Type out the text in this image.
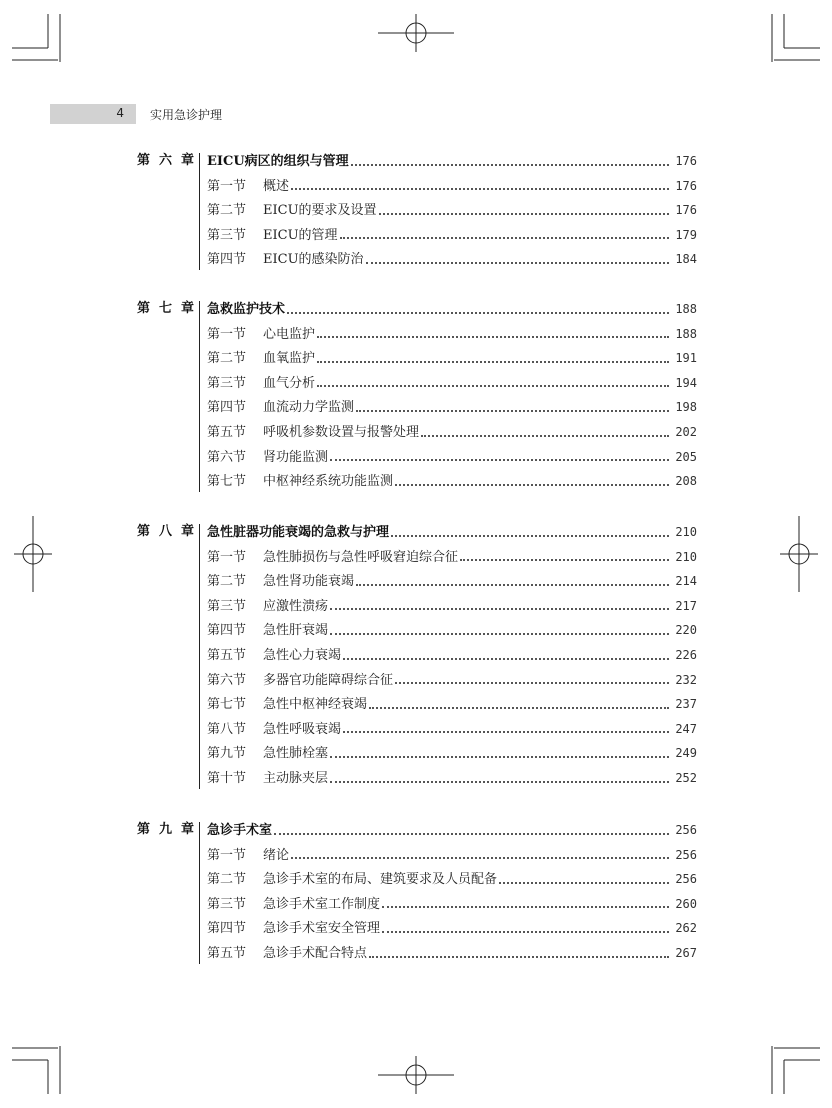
4 实用急诊护理
第 六 章 EICU病区的组织与管理	176
第一节	概述	176
第二节	EICU的要求及设置	176
第三节	EICU的管理	179
第四节	EICU的感染防治	184
第 七 章 急救监护技术	188
第一节	心电监护	188
第二节	血氧监护	191
第三节	血气分析	194
第四节	血流动力学监测	198
第五节	呼吸机参数设置与报警处理	202
第六节	肾功能监测	205
第七节	中枢神经系统功能监测	208
第 八 章 急性脏器功能衰竭的急救与护理	210
第一节	急性肺损伤与急性呼吸窘迫综合征	210
第二节	急性肾功能衰竭	214
第三节	应激性溃疡	217
第四节	急性肝衰竭	220
第五节	急性心力衰竭	226
第六节	多器官功能障碍综合征	232
第七节	急性中枢神经衰竭	237
第八节	急性呼吸衰竭	247
第九节	急性肺栓塞	249
第十节	主动脉夹层	252
第 九 章 急诊手术室	256
第一节	绪论	256
第二节	急诊手术室的布局、建筑要求及人员配备	256
第三节	急诊手术室工作制度	260
第四节	急诊手术室安全管理	262
第五节	急诊手术配合特点	267
